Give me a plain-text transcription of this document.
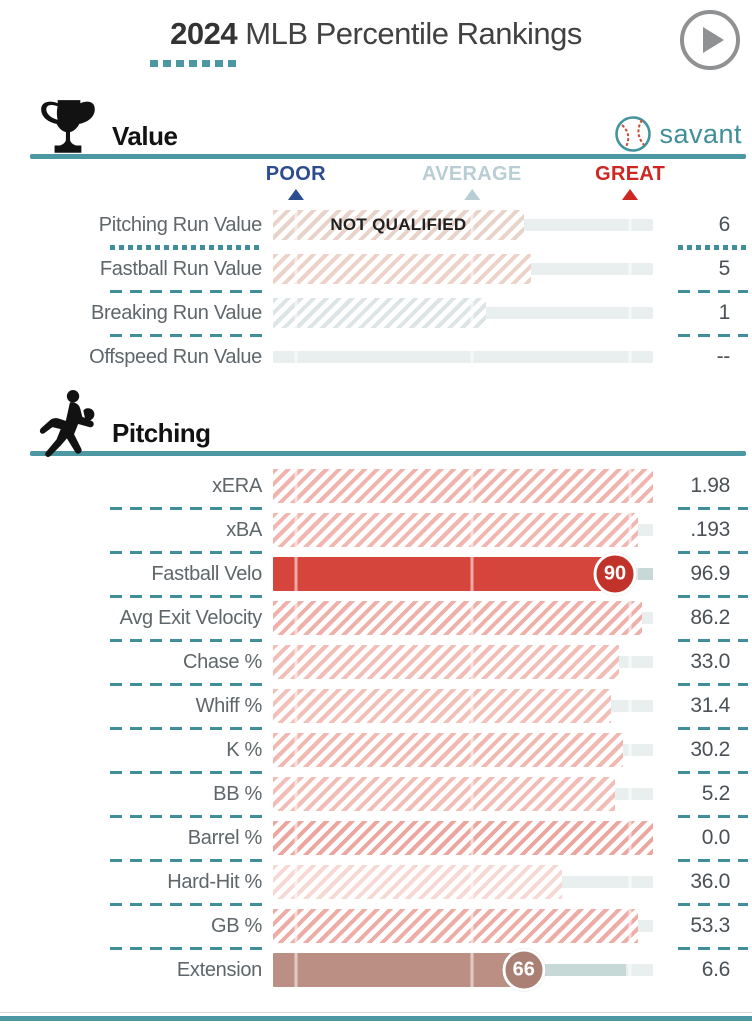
2024 MLB Percentile Rankings
Value	savant
POOR	AVERAGE	GREAT
Pitching Run Value	NOT QUALIFIED	6
Fastball Run Value	5
Breaking Run Value	1
Offspeed Run Value	--
Pitching
xERA	1.98
xBA	.193
Fastball Velo	90	96.9
Avg Exit Velocity	86.2
Chase %	33.0
Whiff %	31.4
K %	30.2
BB %	5.2
Barrel %	0.0
Hard-Hit %	36.0
GB %	53.3
Extension	66	6.6
